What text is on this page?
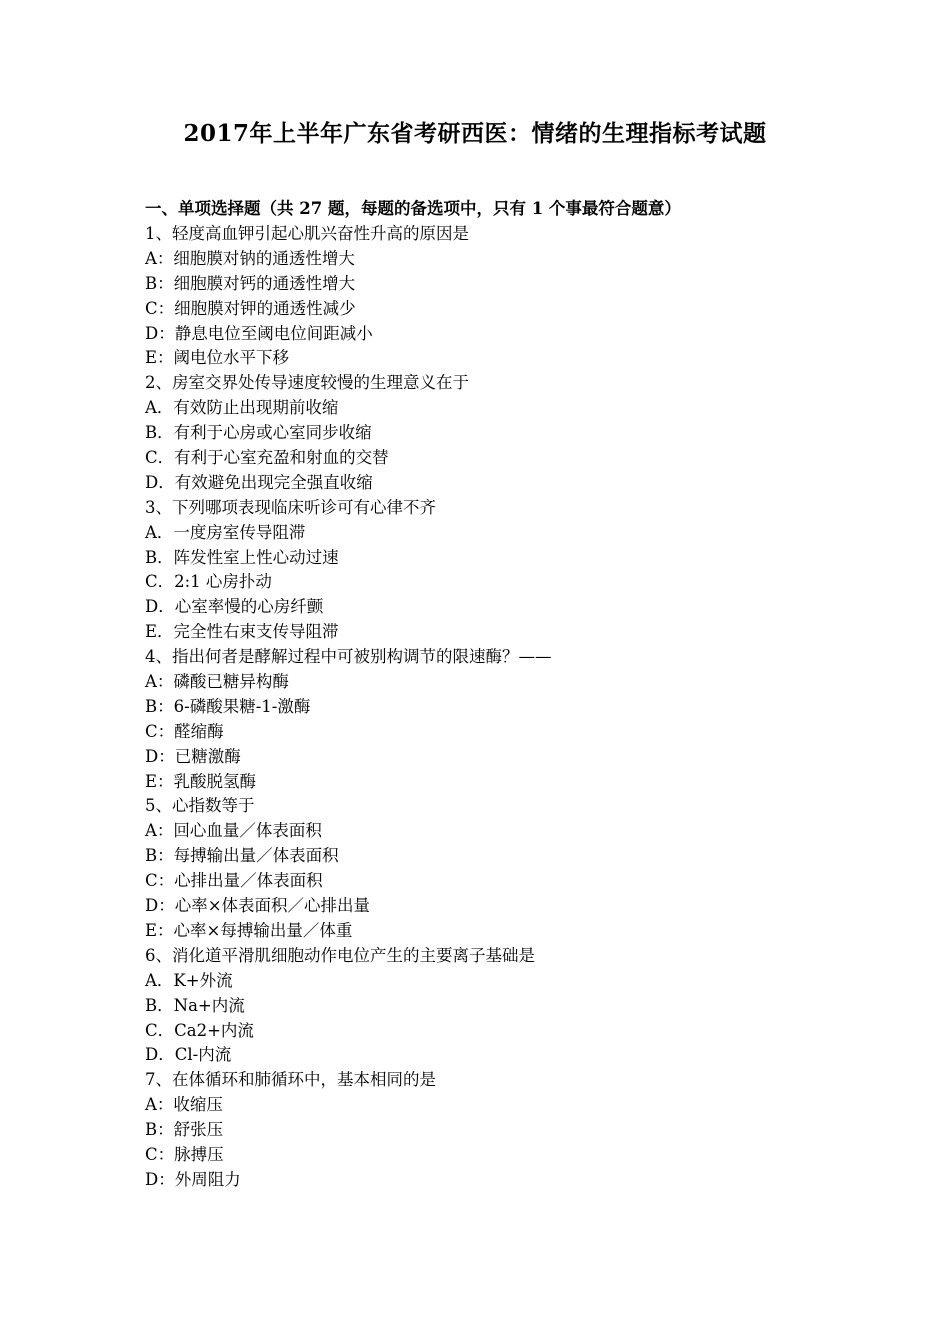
2017年上半年广东省考研西医：情绪的生理指标考试题
一、单项选择题（共 27 题，每题的备选项中，只有 1 个事最符合题意）
1、轻度高血钾引起心肌兴奋性升高的原因是
A：细胞膜对钠的通透性增大
B：细胞膜对钙的通透性增大
C：细胞膜对钾的通透性减少
D：静息电位至阈电位间距减小
E：阈电位水平下移
2、房室交界处传导速度较慢的生理意义在于
A．有效防止出现期前收缩
B．有利于心房或心室同步收缩
C．有利于心室充盈和射血的交替
D．有效避免出现完全强直收缩
3、下列哪项表现临床听诊可有心律不齐
A．一度房室传导阻滞
B．阵发性室上性心动过速
C．2:1 心房扑动
D．心室率慢的心房纤颤
E．完全性右束支传导阻滞
4、指出何者是酵解过程中可被别构调节的限速酶？——
A：磷酸已糖异构酶
B：6-磷酸果糖-1-激酶
C：醛缩酶
D：已糖激酶
E：乳酸脱氢酶
5、心指数等于
A：回心血量／体表面积
B：每搏输出量／体表面积
C：心排出量／体表面积
D：心率×体表面积／心排出量
E：心率×每搏输出量／体重
6、消化道平滑肌细胞动作电位产生的主要离子基础是
A．K+外流
B．Na+内流
C．Ca2+内流
D．Cl-内流
7、在体循环和肺循环中，基本相同的是
A：收缩压
B：舒张压
C：脉搏压
D：外周阻力
